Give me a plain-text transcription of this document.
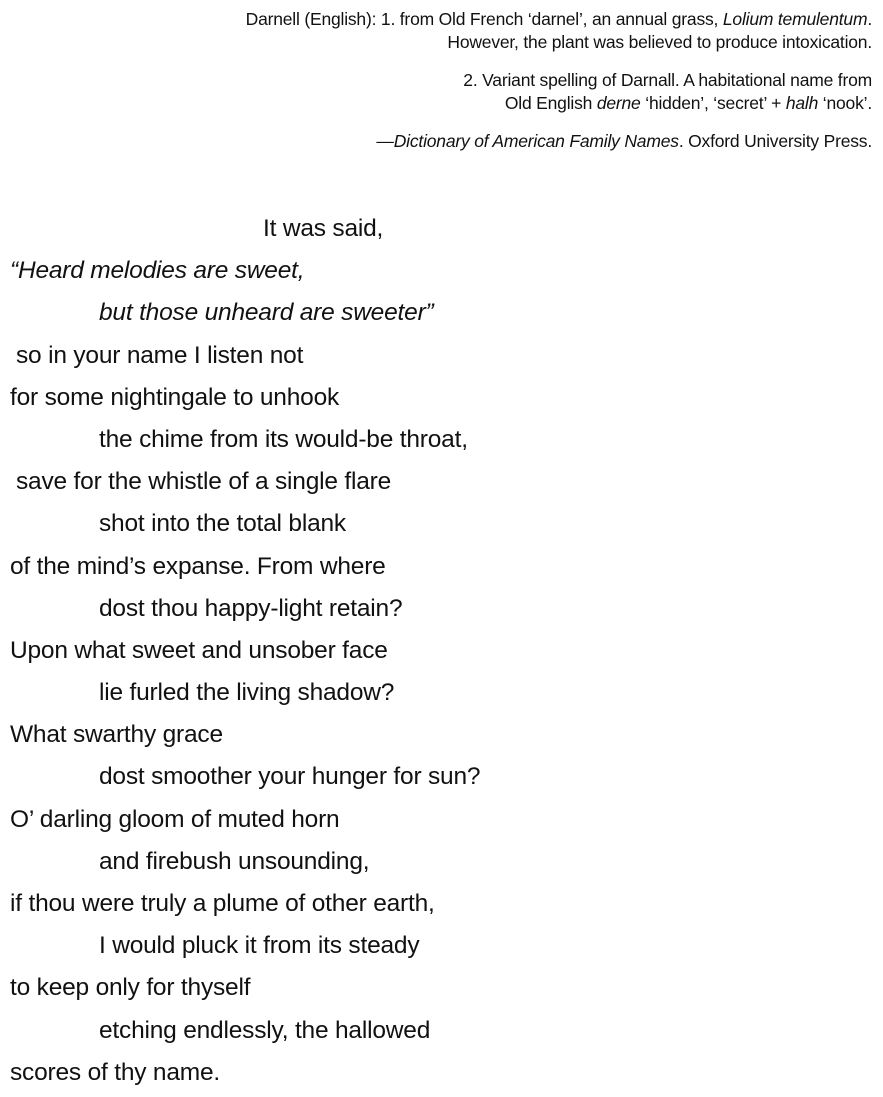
Darnell (English): 1. from Old French ‘darnel’, an annual grass, Lolium temulentum.
However, the plant was believed to produce intoxication.

2. Variant spelling of Darnall. A habitational name from
Old English derne ‘hidden’, ‘secret’ + halh ‘nook’.

—Dictionary of American Family Names. Oxford University Press.

It was said,
“Heard melodies are sweet,
but those unheard are sweeter”
so in your name I listen not
for some nightingale to unhook
the chime from its would-be throat,
save for the whistle of a single flare
shot into the total blank
of the mind’s expanse. From where
dost thou happy-light retain?
Upon what sweet and unsober face
lie furled the living shadow?
What swarthy grace
dost smoother your hunger for sun?
O’ darling gloom of muted horn
and firebush unsounding,
if thou were truly a plume of other earth,
I would pluck it from its steady
to keep only for thyself
etching endlessly, the hallowed
scores of thy name.
